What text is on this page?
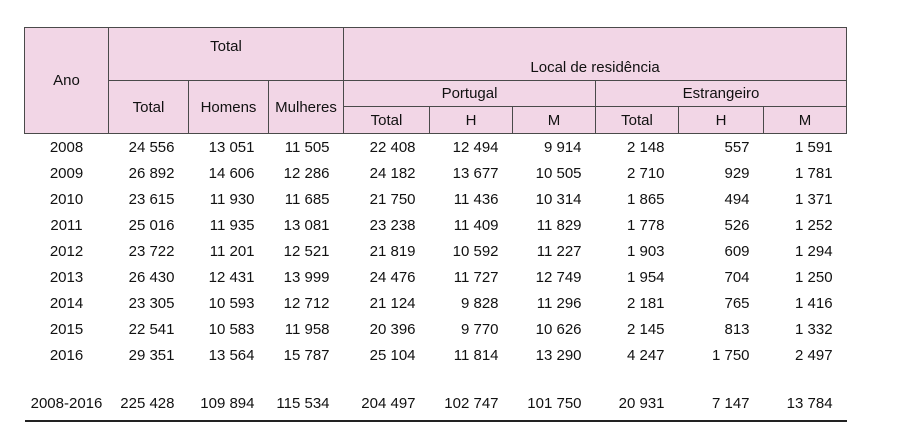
Ano	Total			Local de residência					
	Total	Homens	Mulheres	Portugal			Estrangeiro		
				Total	H	M	Total	H	M
2008	24 556	13 051	11 505	22 408	12 494	9 914	2 148	557	1 591
2009	26 892	14 606	12 286	24 182	13 677	10 505	2 710	929	1 781
2010	23 615	11 930	11 685	21 750	11 436	10 314	1 865	494	1 371
2011	25 016	11 935	13 081	23 238	11 409	11 829	1 778	526	1 252
2012	23 722	11 201	12 521	21 819	10 592	11 227	1 903	609	1 294
2013	26 430	12 431	13 999	24 476	11 727	12 749	1 954	704	1 250
2014	23 305	10 593	12 712	21 124	9 828	11 296	2 181	765	1 416
2015	22 541	10 583	11 958	20 396	9 770	10 626	2 145	813	1 332
2016	29 351	13 564	15 787	25 104	11 814	13 290	4 247	1 750	2 497

2008-2016	225 428	109 894	115 534	204 497	102 747	101 750	20 931	7 147	13 784
